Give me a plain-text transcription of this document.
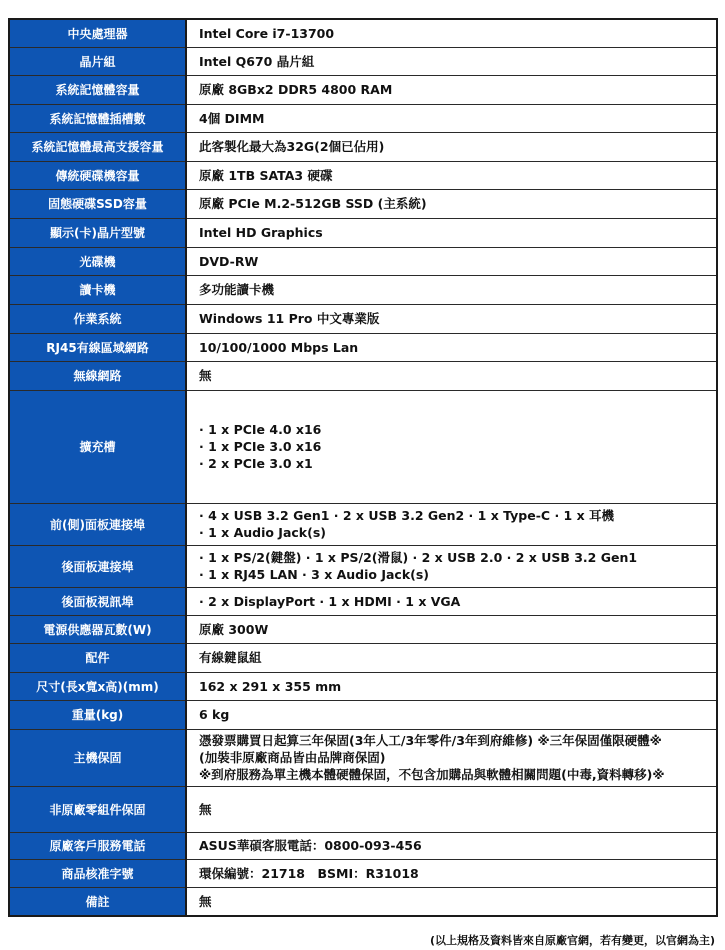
中央處理器	Intel Core i7-13700

晶片組	Intel Q670 晶片組

系統記憶體容量	原廠 8GBx2 DDR5 4800 RAM

系統記憶體插槽數	4個 DIMM

系統記憶體最高支援容量	此客製化最大為32G(2個已佔用)

傳統硬碟機容量	原廠 1TB SATA3 硬碟

固態硬碟SSD容量	原廠 PCIe M.2-512GB SSD (主系統)

顯示(卡)晶片型號	Intel HD Graphics

光碟機	DVD-RW

讀卡機	多功能讀卡機

作業系統	Windows 11 Pro 中文專業版

RJ45有線區域網路	10/100/1000 Mbps Lan

無線網路	無

擴充槽	· 1 x PCIe 4.0 x16
· 1 x PCIe 3.0 x16
· 2 x PCIe 3.0 x1

前(側)面板連接埠	· 4 x USB 3.2 Gen1 · 2 x USB 3.2 Gen2 · 1 x Type-C · 1 x 耳機
· 1 x Audio Jack(s)

後面板連接埠	· 1 x PS/2(鍵盤) · 1 x PS/2(滑鼠) · 2 x USB 2.0 · 2 x USB 3.2 Gen1
· 1 x RJ45 LAN · 3 x Audio Jack(s)

後面板視訊埠	· 2 x DisplayPort · 1 x HDMI · 1 x VGA

電源供應器瓦數(W)	原廠 300W

配件	有線鍵鼠組

尺寸(長x寬x高)(mm)	162 x 291 x 355 mm

重量(kg)	6 kg

主機保固	憑發票購買日起算三年保固(3年人工/3年零件/3年到府維修) ※三年保固僅限硬體※
(加裝非原廠商品皆由品牌商保固)
※到府服務為單主機本體硬體保固，不包含加購品與軟體相關問題(中毒,資料轉移)※

非原廠零組件保固	無

原廠客戶服務電話	ASUS華碩客服電話：0800-093-456

商品核准字號	環保編號：21718　BSMI：R31018

備註	無
(以上規格及資料皆來自原廠官網，若有變更，以官網為主)
